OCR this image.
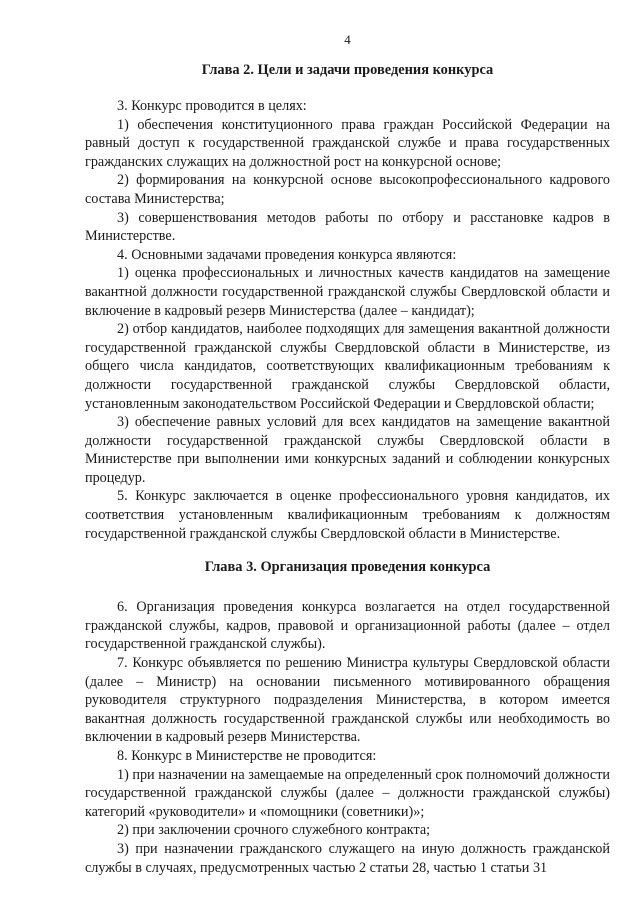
4
Глава 2. Цели и задачи проведения конкурса

3. Конкурс проводится в целях:

1) обеспечения конституционного права граждан Российской Федерации на равный доступ к государственной гражданской службе и права государственных гражданских служащих на должностной рост на конкурсной основе;

2) формирования на конкурсной основе высокопрофессионального кадрового состава Министерства;

3) совершенствования методов работы по отбору и расстановке кадров в Министерстве.

4. Основными задачами проведения конкурса являются:

1) оценка профессиональных и личностных качеств кандидатов на замещение вакантной должности государственной гражданской службы Свердловской области и включение в кадровый резерв Министерства (далее – кандидат);

2) отбор кандидатов, наиболее подходящих для замещения вакантной должности государственной гражданской службы Свердловской области в Министерстве, из общего числа кандидатов, соответствующих квалификационным требованиям к должности государственной гражданской службы Свердловской области, установленным законодательством Российской Федерации и Свердловской области;

3) обеспечение равных условий для всех кандидатов на замещение вакантной должности государственной гражданской службы Свердловской области в Министерстве при выполнении ими конкурсных заданий и соблюдении конкурсных процедур.

5. Конкурс заключается в оценке профессионального уровня кандидатов, их соответствия установленным квалификационным требованиям к должностям государственной гражданской службы Свердловской области в Министерстве.

Глава 3. Организация проведения конкурса

6. Организация проведения конкурса возлагается на отдел государственной гражданской службы, кадров, правовой и организационной работы (далее – отдел государственной гражданской службы).

7. Конкурс объявляется по решению Министра культуры Свердловской области (далее – Министр) на основании письменного мотивированного обращения руководителя структурного подразделения Министерства, в котором имеется вакантная должность государственной гражданской службы или необходимость во включении в кадровый резерв Министерства.

8. Конкурс в Министерстве не проводится:

1) при назначении на замещаемые на определенный срок полномочий должности государственной гражданской службы (далее – должности гражданской службы) категорий «руководители» и «помощники (советники)»;

2) при заключении срочного служебного контракта;

3) при назначении гражданского служащего на иную должность гражданской службы в случаях, предусмотренных частью 2 статьи 28, частью 1 статьи 31
